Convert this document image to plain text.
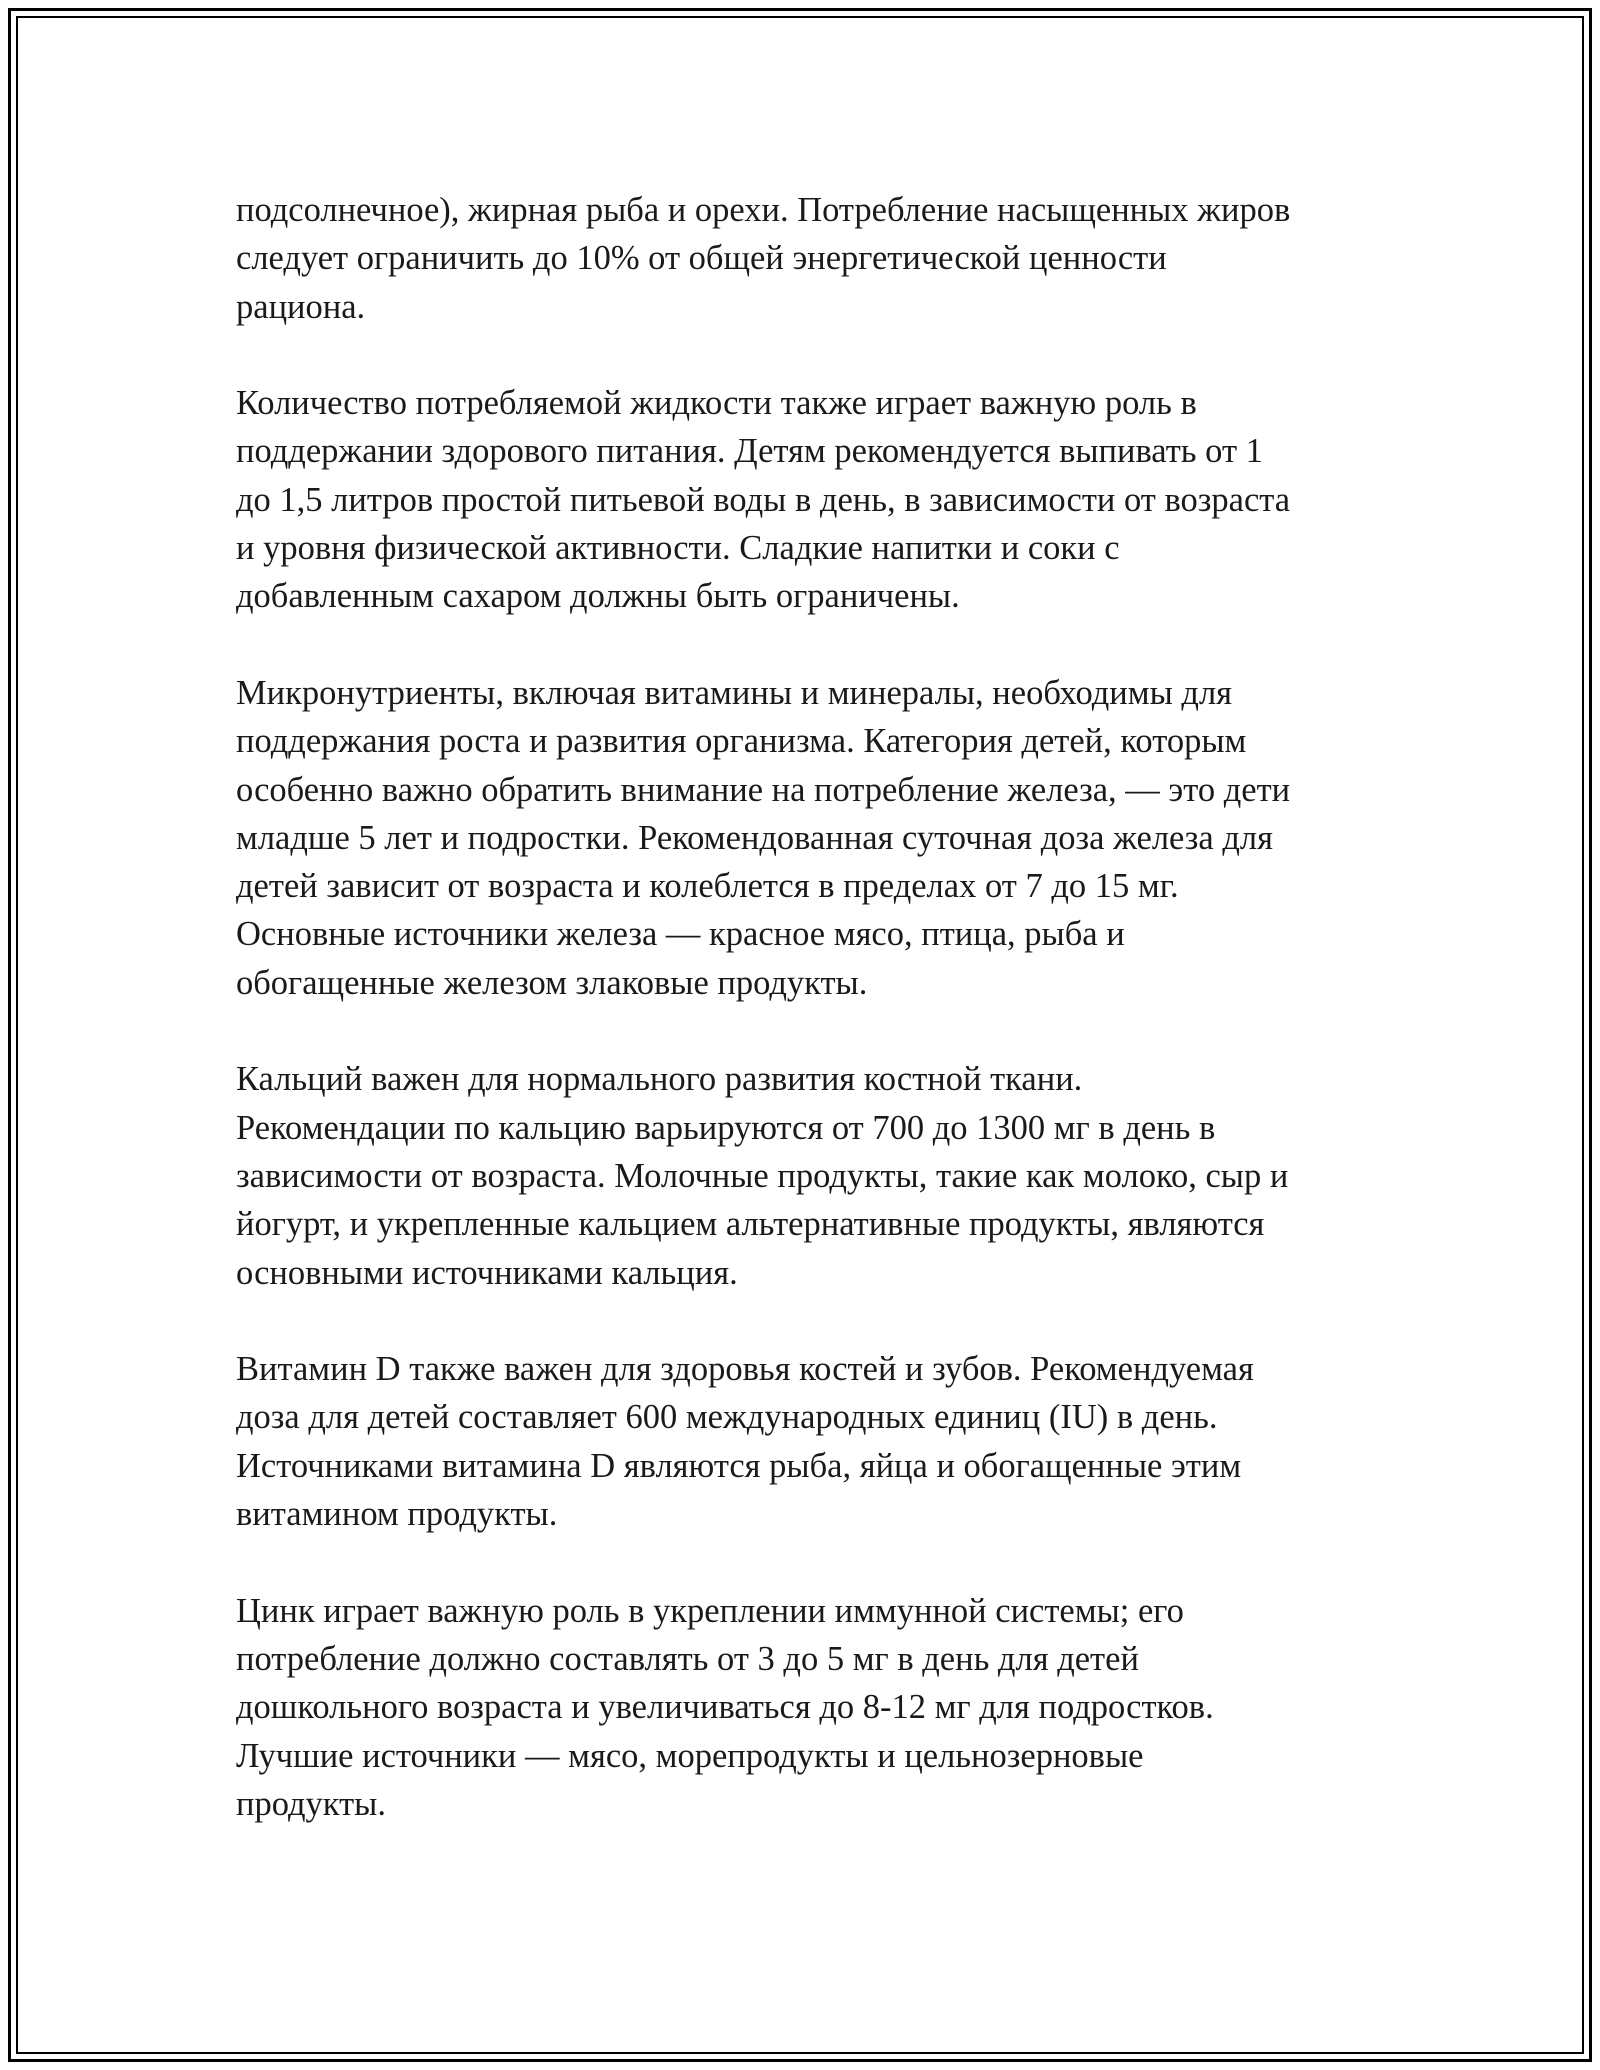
подсолнечное), жирная рыба и орехи. Потребление насыщенных жиров
следует ограничить до 10% от общей энергетической ценности
рациона.

Количество потребляемой жидкости также играет важную роль в
поддержании здорового питания. Детям рекомендуется выпивать от 1
до 1,5 литров простой питьевой воды в день, в зависимости от возраста
и уровня физической активности. Сладкие напитки и соки с
добавленным сахаром должны быть ограничены.

Микронутриенты, включая витамины и минералы, необходимы для
поддержания роста и развития организма. Категория детей, которым
особенно важно обратить внимание на потребление железа, — это дети
младше 5 лет и подростки. Рекомендованная суточная доза железа для
детей зависит от возраста и колеблется в пределах от 7 до 15 мг.
Основные источники железа — красное мясо, птица, рыба и
обогащенные железом злаковые продукты.

Кальций важен для нормального развития костной ткани.
Рекомендации по кальцию варьируются от 700 до 1300 мг в день в
зависимости от возраста. Молочные продукты, такие как молоко, сыр и
йогурт, и укрепленные кальцием альтернативные продукты, являются
основными источниками кальция.

Витамин D также важен для здоровья костей и зубов. Рекомендуемая
доза для детей составляет 600 международных единиц (IU) в день.
Источниками витамина D являются рыба, яйца и обогащенные этим
витамином продукты.

Цинк играет важную роль в укреплении иммунной системы; его
потребление должно составлять от 3 до 5 мг в день для детей
дошкольного возраста и увеличиваться до 8-12 мг для подростков.
Лучшие источники — мясо, морепродукты и цельнозерновые
продукты.
